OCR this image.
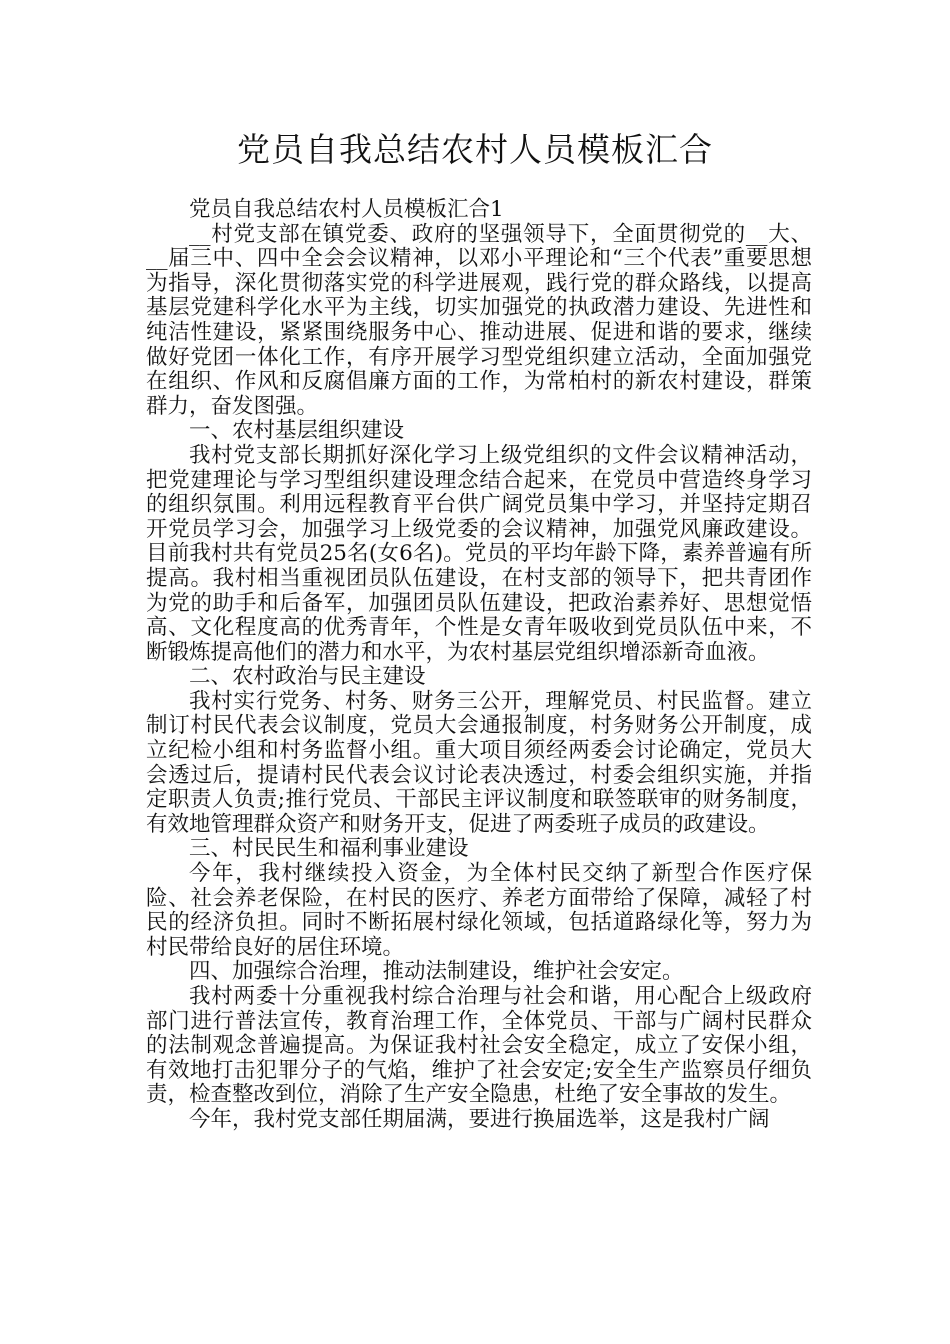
党员自我总结农村人员模板汇合

党员自我总结农村人员模板汇合1

__村党支部在镇党委、政府的坚强领导下，全面贯彻党的__大、__届三中、四中全会会议精神，以邓小平理论和“三个代表”重要思想为指导，深化贯彻落实党的科学进展观，践行党的群众路线，以提高基层党建科学化水平为主线，切实加强党的执政潜力建设、先进性和纯洁性建设，紧紧围绕服务中心、推动进展、促进和谐的要求，继续做好党团一体化工作，有序开展学习型党组织建立活动，全面加强党在组织、作风和反腐倡廉方面的工作，为常柏村的新农村建设，群策群力，奋发图强。

一、农村基层组织建设

我村党支部长期抓好深化学习上级党组织的文件会议精神活动，把党建理论与学习型组织建设理念结合起来，在党员中营造终身学习的组织氛围。利用远程教育平台供广阔党员集中学习，并坚持定期召开党员学习会，加强学习上级党委的会议精神，加强党风廉政建设。目前我村共有党员25名(女6名)。党员的平均年龄下降，素养普遍有所提高。我村相当重视团员队伍建设，在村支部的领导下，把共青团作为党的助手和后备军，加强团员队伍建设，把政治素养好、思想觉悟高、文化程度高的优秀青年，个性是女青年吸收到党员队伍中来，不断锻炼提高他们的潜力和水平，为农村基层党组织增添新奇血液。

二、农村政治与民主建设

我村实行党务、村务、财务三公开，理解党员、村民监督。建立制订村民代表会议制度，党员大会通报制度，村务财务公开制度，成立纪检小组和村务监督小组。重大项目须经两委会讨论确定，党员大会透过后，提请村民代表会议讨论表决透过，村委会组织实施，并指定职责人负责;推行党员、干部民主评议制度和联签联审的财务制度，有效地管理群众资产和财务开支，促进了两委班子成员的政建设。

三、村民民生和福利事业建设

今年，我村继续投入资金，为全体村民交纳了新型合作医疗保险、社会养老保险，在村民的医疗、养老方面带给了保障，减轻了村民的经济负担。同时不断拓展村绿化领域，包括道路绿化等，努力为村民带给良好的居住环境。

四、加强综合治理，推动法制建设，维护社会安定。

我村两委十分重视我村综合治理与社会和谐，用心配合上级政府部门进行普法宣传，教育治理工作，全体党员、干部与广阔村民群众的法制观念普遍提高。为保证我村社会安全稳定，成立了安保小组，有效地打击犯罪分子的气焰，维护了社会安定;安全生产监察员仔细负责，检查整改到位，消除了生产安全隐患，杜绝了安全事故的发生。

今年，我村党支部任期届满，要进行换届选举，这是我村广阔
